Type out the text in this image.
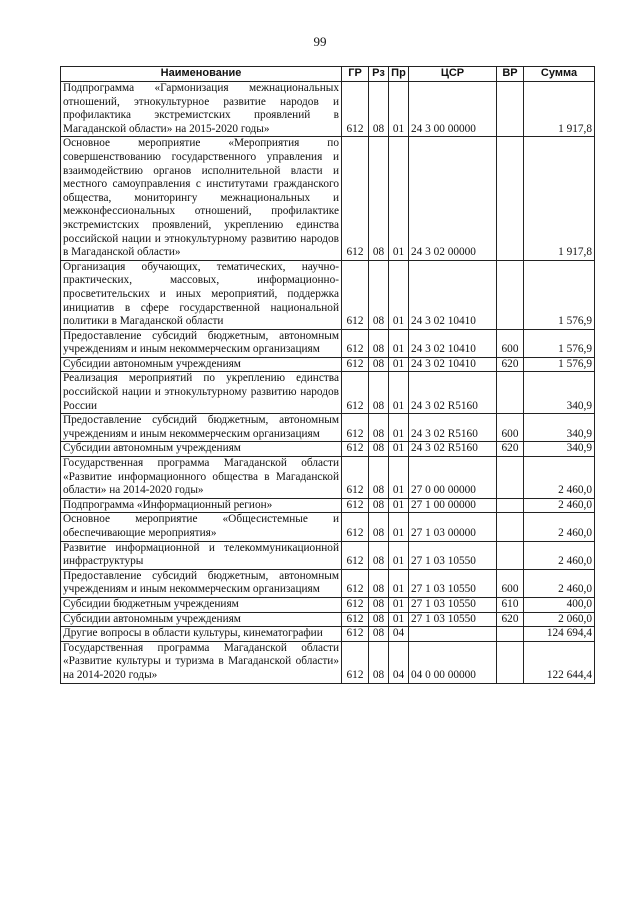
99
Наименование	ГР	Рз	Пр	ЦСР	ВР	Сумма
Подпрограмма «Гармонизация межнациональных отношений, этнокультурное развитие народов и профилактика экстремистских проявлений в Магаданской области» на 2015-2020 годы»	612	08	01	24 3 00 00000		1 917,8
Основное мероприятие «Мероприятия по совершенствованию государственного управления и взаимодействию органов исполнительной власти и местного самоуправления с институтами гражданского общества, мониторингу межнациональных и межконфессиональных отношений, профилактике экстремистских проявлений, укреплению единства российской нации и этнокультурному развитию народов в Магаданской области»	612	08	01	24 3 02 00000		1 917,8
Организация обучающих, тематических, научно-практических, массовых, информационно-просветительских и иных мероприятий, поддержка инициатив в сфере государственной национальной политики в Магаданской области	612	08	01	24 3 02 10410		1 576,9
Предоставление субсидий бюджетным, автономным учреждениям и иным некоммерческим организациям	612	08	01	24 3 02 10410	600	1 576,9
Субсидии автономным учреждениям	612	08	01	24 3 02 10410	620	1 576,9
Реализация мероприятий по укреплению единства российской нации и этнокультурному развитию народов России	612	08	01	24 3 02 R5160		340,9
Предоставление субсидий бюджетным, автономным учреждениям и иным некоммерческим организациям	612	08	01	24 3 02 R5160	600	340,9
Субсидии автономным учреждениям	612	08	01	24 3 02 R5160	620	340,9
Государственная программа Магаданской области «Развитие информационного общества в Магаданской области» на 2014-2020 годы»	612	08	01	27 0 00 00000		2 460,0
Подпрограмма «Информационный регион»	612	08	01	27 1 00 00000		2 460,0
Основное мероприятие «Общесистемные и обеспечивающие мероприятия»	612	08	01	27 1 03 00000		2 460,0
Развитие информационной и телекоммуникационной инфраструктуры	612	08	01	27 1 03 10550		2 460,0
Предоставление субсидий бюджетным, автономным учреждениям и иным некоммерческим организациям	612	08	01	27 1 03 10550	600	2 460,0
Субсидии бюджетным учреждениям	612	08	01	27 1 03 10550	610	400,0
Субсидии автономным учреждениям	612	08	01	27 1 03 10550	620	2 060,0
Другие вопросы в области культуры, кинематографии	612	08	04			124 694,4
Государственная программа Магаданской области «Развитие культуры и туризма в Магаданской области» на 2014-2020 годы»	612	08	04	04 0 00 00000		122 644,4
